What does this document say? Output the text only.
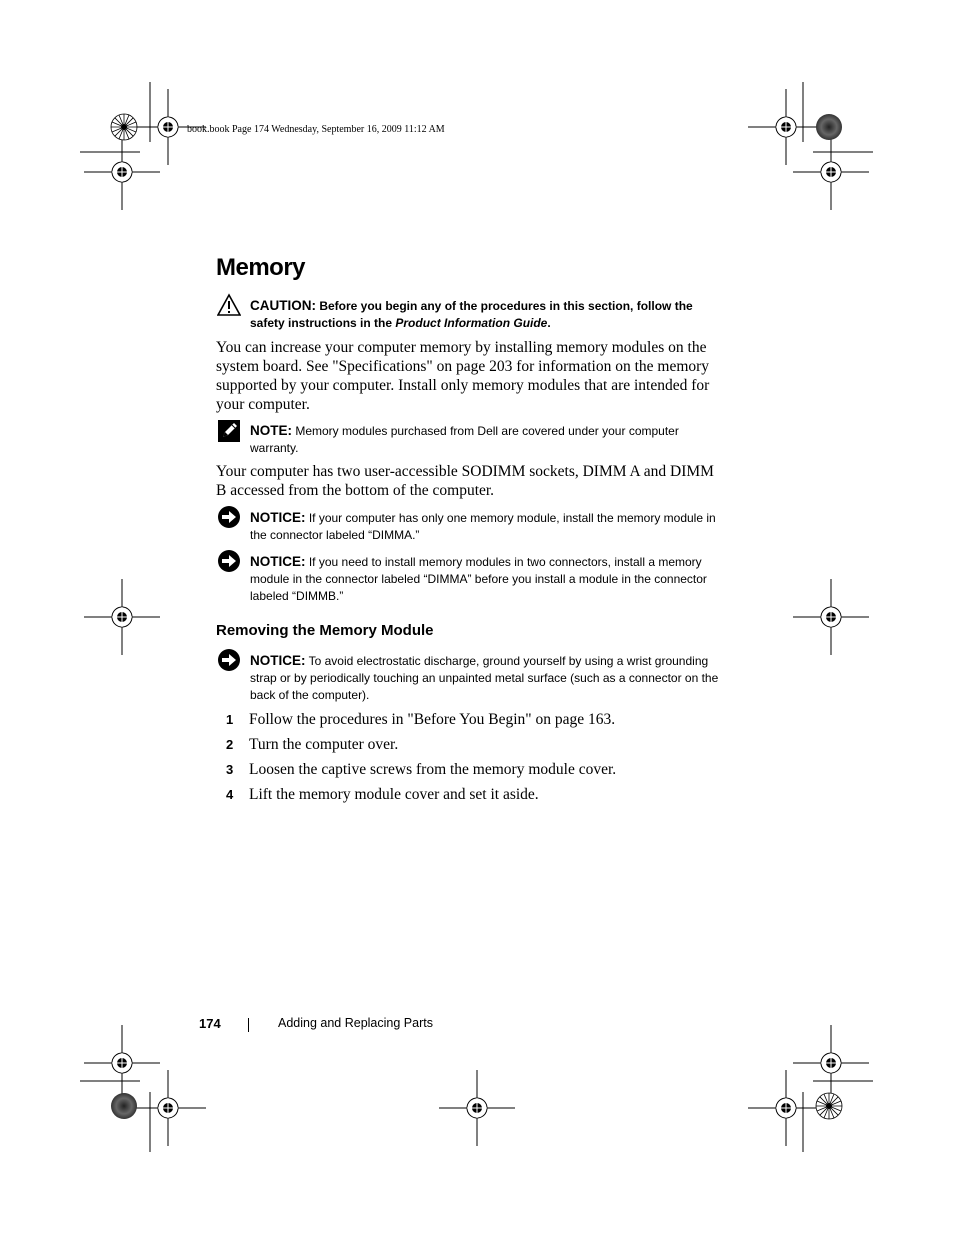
book.book Page 174 Wednesday, September 16, 2009 11:12 AM
Memory
CAUTION: Before you begin any of the procedures in this section, follow the safety instructions in the Product Information Guide.

You can increase your computer memory by installing memory modules on the system board. See "Specifications" on page 203 for information on the memory supported by your computer. Install only memory modules that are intended for your computer.

NOTE: Memory modules purchased from Dell are covered under your computer warranty.

Your computer has two user-accessible SODIMM sockets, DIMM A and DIMM B accessed from the bottom of the computer.

NOTICE: If your computer has only one memory module, install the memory module in the connector labeled “DIMMA.”
NOTICE: If you need to install memory modules in two connectors, install a memory module in the connector labeled “DIMMA” before you install a module in the connector labeled “DIMMB.”
Removing the Memory Module
NOTICE: To avoid electrostatic discharge, ground yourself by using a wrist grounding strap or by periodically touching an unpainted metal surface (such as a connector on the back of the computer).
1 Follow the procedures in "Before You Begin" on page 163.
2 Turn the computer over.
3 Loosen the captive screws from the memory module cover.
4 Lift the memory module cover and set it aside.
174	Adding and Replacing Parts
